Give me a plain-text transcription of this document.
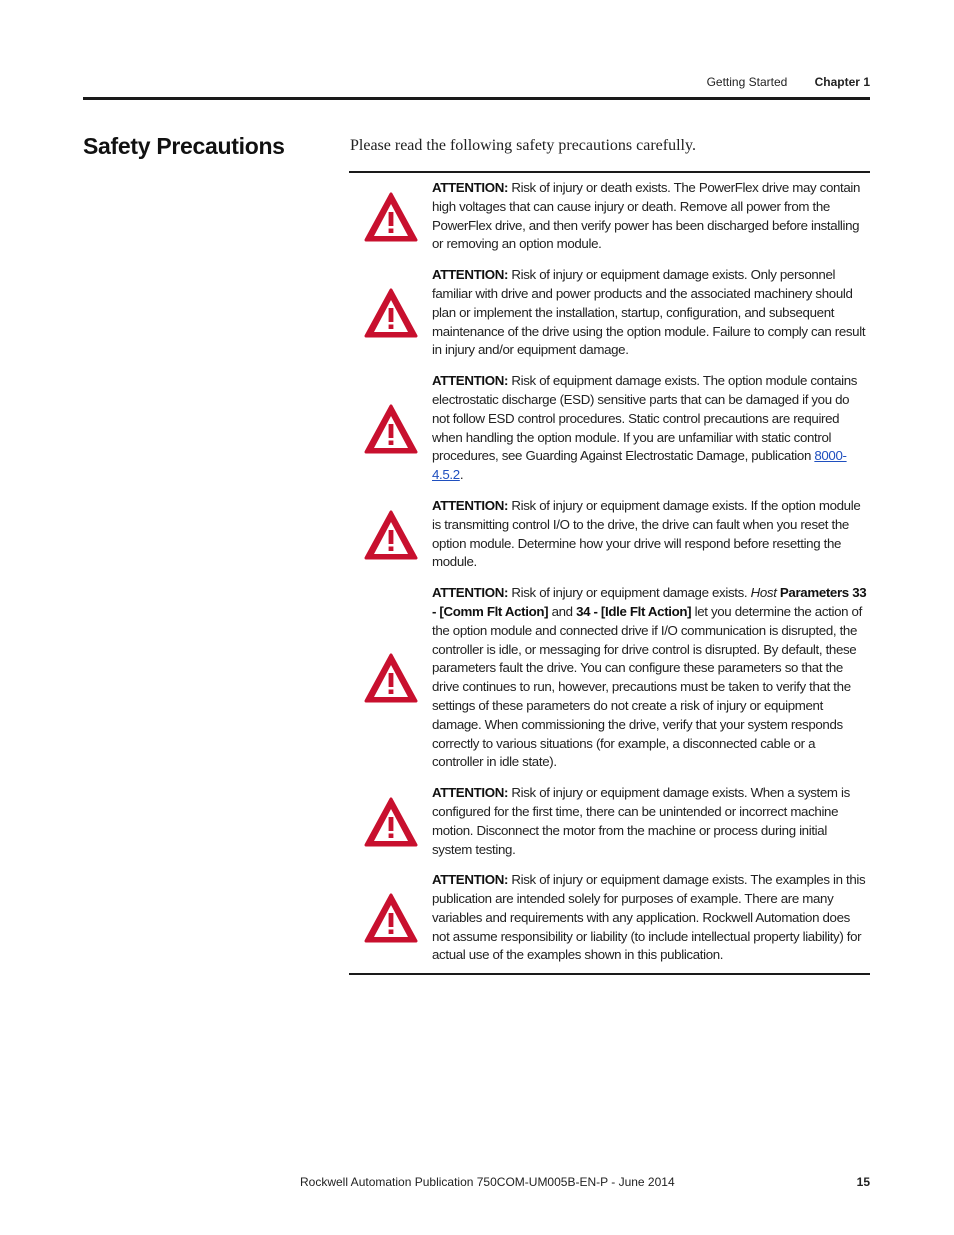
Getting Started Chapter 1
Safety Precautions	Please read the following safety precautions carefully.
ATTENTION: Risk of injury or death exists. The PowerFlex drive may contain high voltages that can cause injury or death. Remove all power from the PowerFlex drive, and then verify power has been discharged before installing or removing an option module.
ATTENTION: Risk of injury or equipment damage exists. Only personnel familiar with drive and power products and the associated machinery should plan or implement the installation, startup, configuration, and subsequent maintenance of the drive using the option module. Failure to comply can result in injury and/or equipment damage.
ATTENTION: Risk of equipment damage exists. The option module contains electrostatic discharge (ESD) sensitive parts that can be damaged if you do not follow ESD control procedures. Static control precautions are required when handling the option module. If you are unfamiliar with static control procedures, see Guarding Against Electrostatic Damage, publication 8000-4.5.2.
ATTENTION: Risk of injury or equipment damage exists. If the option module is transmitting control I/O to the drive, the drive can fault when you reset the option module. Determine how your drive will respond before resetting the module.
ATTENTION: Risk of injury or equipment damage exists. Host Parameters 33 - [Comm Flt Action] and 34 - [Idle Flt Action] let you determine the action of the option module and connected drive if I/O communication is disrupted, the controller is idle, or messaging for drive control is disrupted. By default, these parameters fault the drive. You can configure these parameters so that the drive continues to run, however, precautions must be taken to verify that the settings of these parameters do not create a risk of injury or equipment damage. When commissioning the drive, verify that your system responds correctly to various situations (for example, a disconnected cable or a controller in idle state).
ATTENTION: Risk of injury or equipment damage exists. When a system is configured for the first time, there can be unintended or incorrect machine motion. Disconnect the motor from the machine or process during initial system testing.
ATTENTION: Risk of injury or equipment damage exists. The examples in this publication are intended solely for purposes of example. There are many variables and requirements with any application. Rockwell Automation does not assume responsibility or liability (to include intellectual property liability) for actual use of the examples shown in this publication.
Rockwell Automation Publication 750COM-UM005B-EN-P - June 2014	15
